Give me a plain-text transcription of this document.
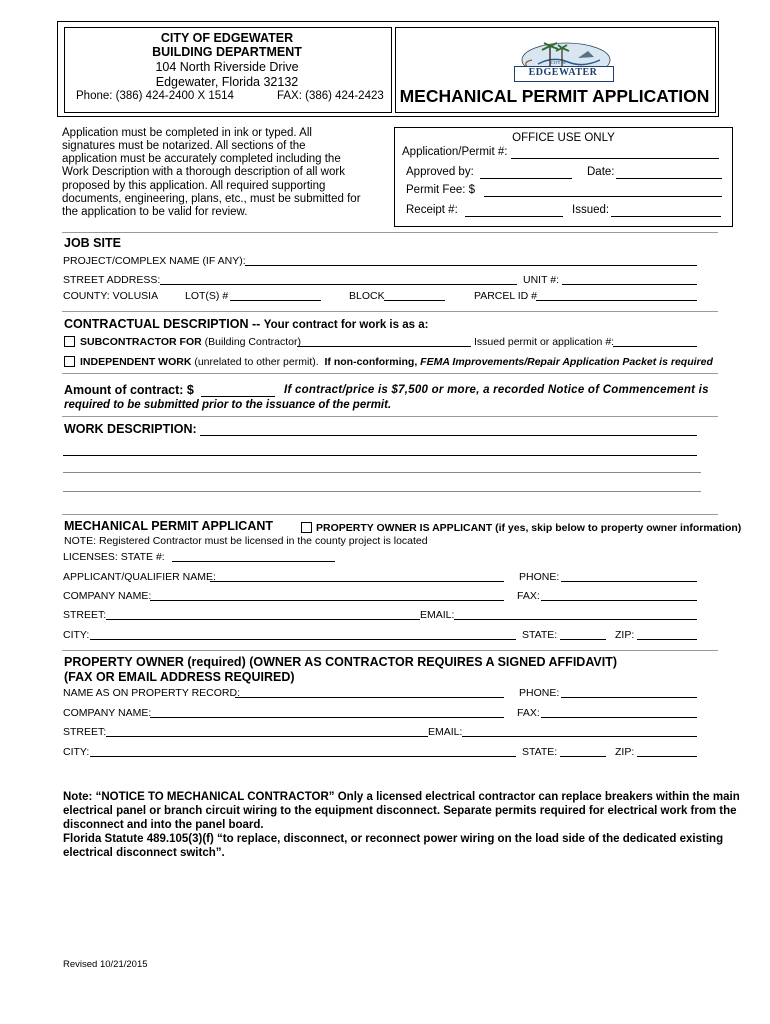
CITY OF EDGEWATER
BUILDING DEPARTMENT
104 North Riverside Drive
Edgewater, Florida 32132
Phone: (386) 424-2400 X 1514	FAX: (386) 424-2423
CITY OF
EDGEWATER
MECHANICAL PERMIT APPLICATION
Application must be completed in ink or typed. All
signatures must be notarized. All sections of the
application must be accurately completed including the
Work Description with a thorough description of all work
proposed by this application. All required supporting
documents, engineering, plans, etc., must be submitted for
the application to be valid for review.
OFFICE USE ONLY
Application/Permit #:
Approved by:	Date:
Permit Fee: $
Receipt #:	Issued:
JOB SITE
PROJECT/COMPLEX NAME (IF ANY):
STREET ADDRESS:	UNIT #:
COUNTY: VOLUSIA	LOT(S) #	BLOCK	PARCEL ID #
CONTRACTUAL DESCRIPTION -- Your contract for work is as a:
SUBCONTRACTOR FOR (Building Contractor)	Issued permit or application #:
INDEPENDENT WORK (unrelated to other permit). If non-conforming, FEMA Improvements/Repair Application Packet is required
Amount of contract: $	If contract/price is $7,500 or more, a recorded Notice of Commencement is
required to be submitted prior to the issuance of the permit.
WORK DESCRIPTION:
MECHANICAL PERMIT APPLICANT	PROPERTY OWNER IS APPLICANT (if yes, skip below to property owner information)
NOTE: Registered Contractor must be licensed in the county project is located
LICENSES: STATE #:
APPLICANT/QUALIFIER NAME:	PHONE:
COMPANY NAME:	FAX:
STREET:	EMAIL:
CITY:	STATE:	ZIP:
PROPERTY OWNER (required) (OWNER AS CONTRACTOR REQUIRES A SIGNED AFFIDAVIT)
(FAX OR EMAIL ADDRESS REQUIRED)
NAME AS ON PROPERTY RECORD:	PHONE:
COMPANY NAME:	FAX:
STREET:	EMAIL:
CITY:	STATE:	ZIP:
Note: “NOTICE TO MECHANICAL CONTRACTOR” Only a licensed electrical contractor can replace breakers within the main
electrical panel or branch circuit wiring to the equipment disconnect. Separate permits required for electrical work from the
disconnect and into the panel board.
Florida Statute 489.105(3)(f) “to replace, disconnect, or reconnect power wiring on the load side of the dedicated existing
electrical disconnect switch”.
Revised 10/21/2015
